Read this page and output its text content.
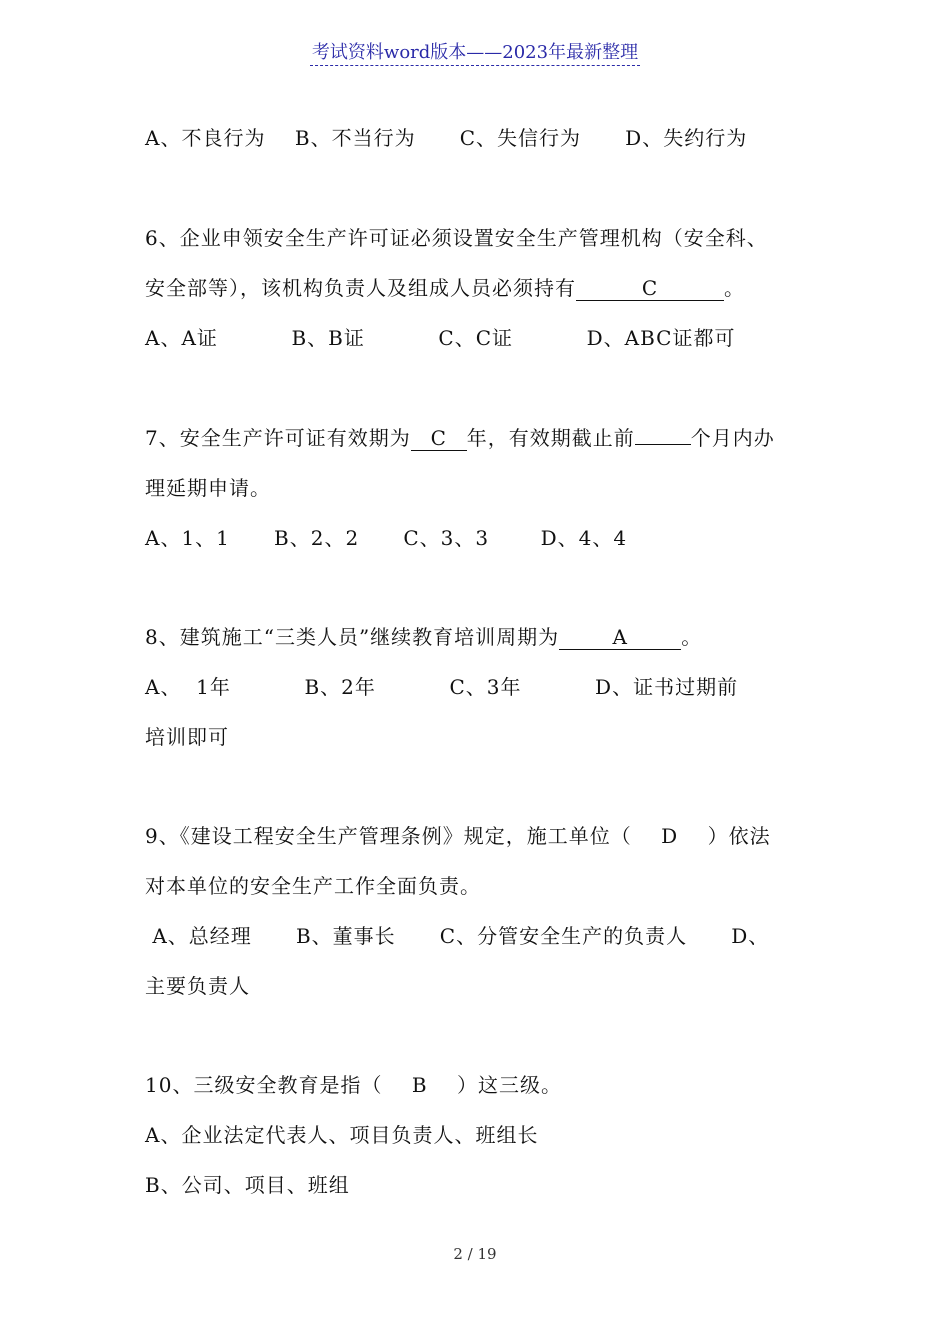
考试资料word版本——2023年最新整理
A、不良行为    B、不当行为      C、失信行为      D、失约行为
6、企业申领安全生产许可证必须设置安全生产管理机构（安全科、
安全部等），该机构负责人及组成人员必须持有	C	。
A、A证          B、B证          C、C证          D、ABC证都可
7、安全生产许可证有效期为 C 年，有效期截止前	个月内办
理延期申请。
A、1、1      B、2、2      C、3、3       D、4、4
8、建筑施工“三类人员”继续教育培训周期为	A	。
A、  1年          B、2年          C、3年          D、证书过期前
培训即可
9、《建设工程安全生产管理条例》规定，施工单位（    D    ）依法
对本单位的安全生产工作全面负责。
A、总经理      B、董事长      C、分管安全生产的负责人      D、
主要负责人
10、三级安全教育是指（    B    ）这三级。
A、企业法定代表人、项目负责人、班组长
B、公司、项目、班组
2 / 19
